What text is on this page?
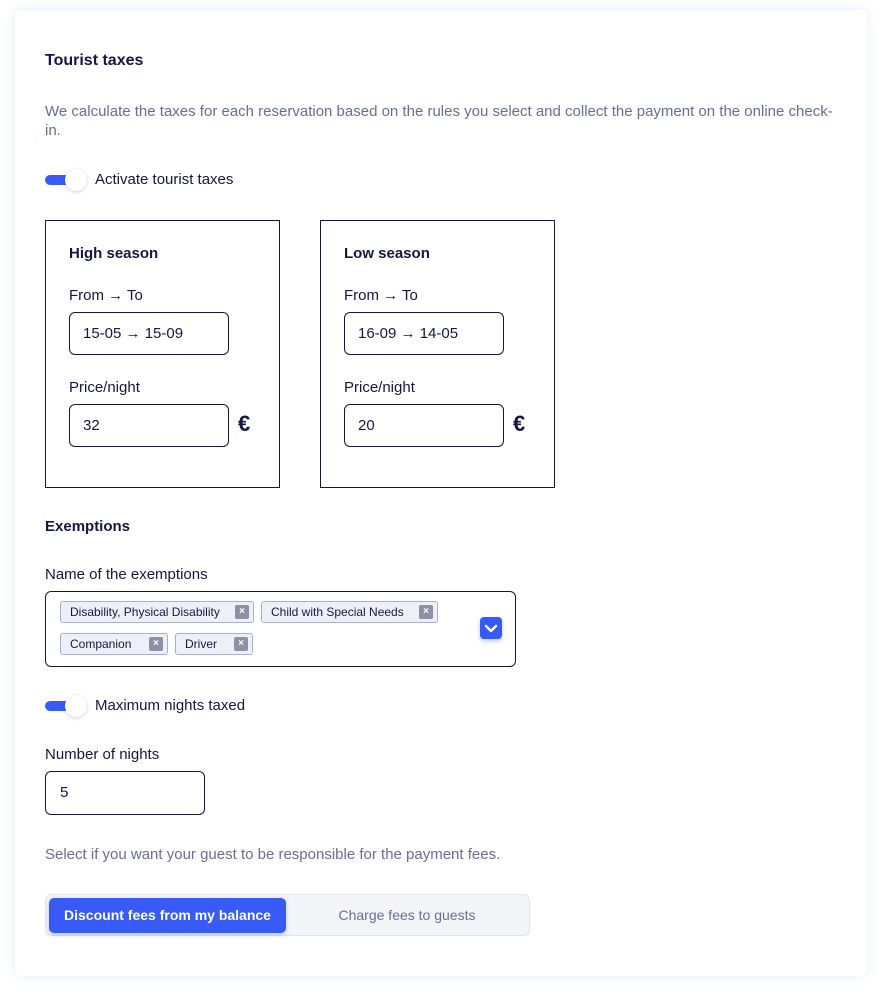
Tourist taxes
We calculate the taxes for each reservation based on the rules you select and collect the payment on the online check-in.
Activate tourist taxes
High season
From → To
15-05 → 15-09
Price/night
32	€
Low season
From → To
16-09 → 14-05
Price/night
20	€
Exemptions
Name of the exemptions
Disability, Physical Disability	×	Child with Special Needs	×
Companion	×	Driver	×
Maximum nights taxed
Number of nights
5
Select if you want your guest to be responsible for the payment fees.
Discount fees from my balance	Charge fees to guests
